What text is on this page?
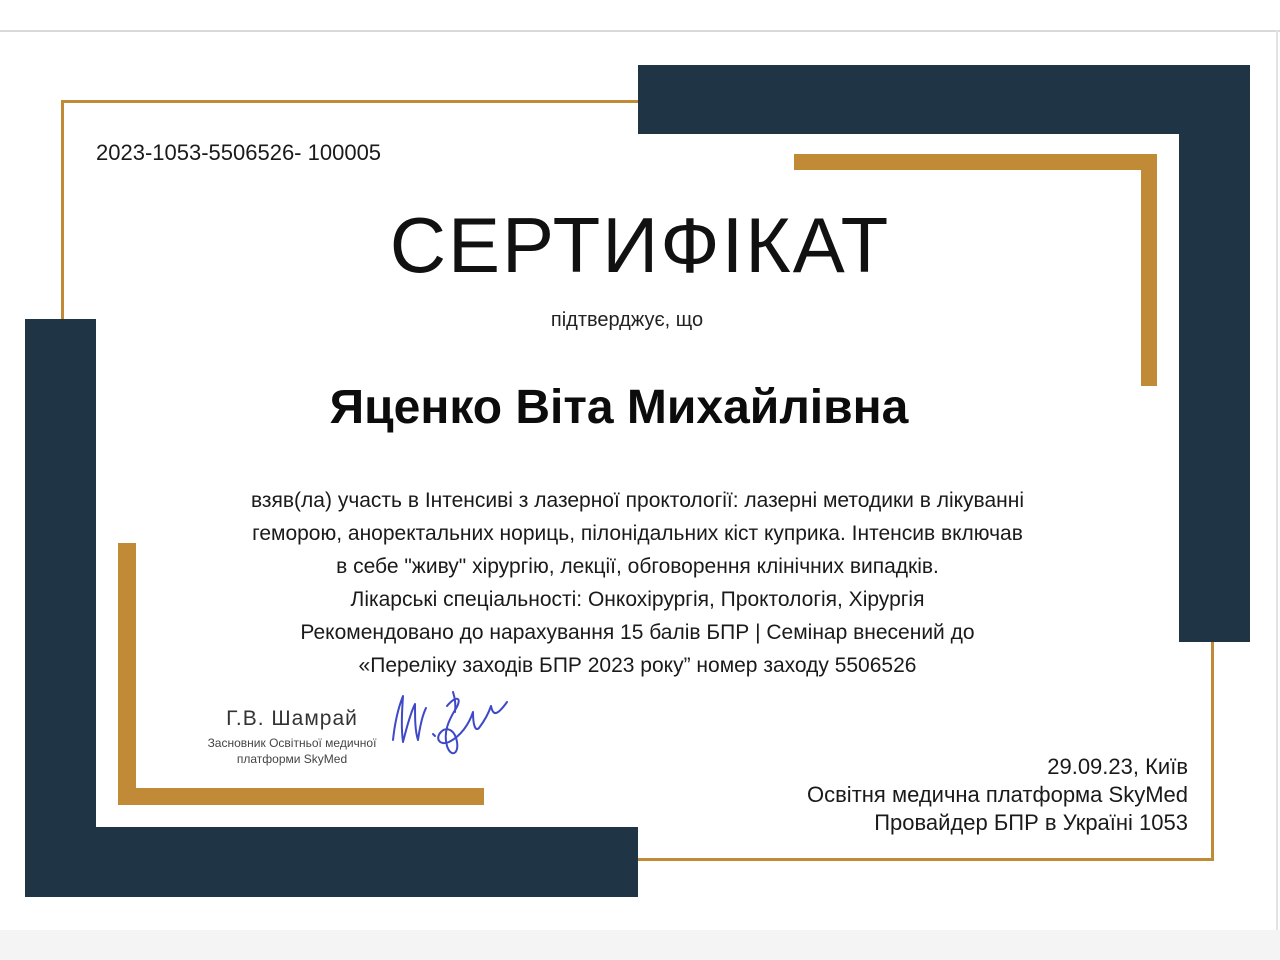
2023-1053-5506526- 100005
СЕРТИФІКАТ
підтверджує, що
Яценко Віта Михайлівна
взяв(ла) участь в Інтенсиві з лазерної проктології: лазерні методики в лікуванні
геморою, аноректальних нориць, пілонідальних кіст куприка. Інтенсив включав
в себе "живу" хірургію, лекції, обговорення клінічних випадків.
Лікарські спеціальності: Онкохірургія, Проктологія, Хірургія
Рекомендовано до нарахування 15 балів БПР | Семінар внесений до
«Переліку заходів БПР 2023 року” номер заходу 5506526
Г.В. Шамрай
Засновник Освітньої медичної
платформи SkyMed	29.09.23, Київ
Освітня медична платформа SkyMed
Провайдер БПР в Україні 1053
